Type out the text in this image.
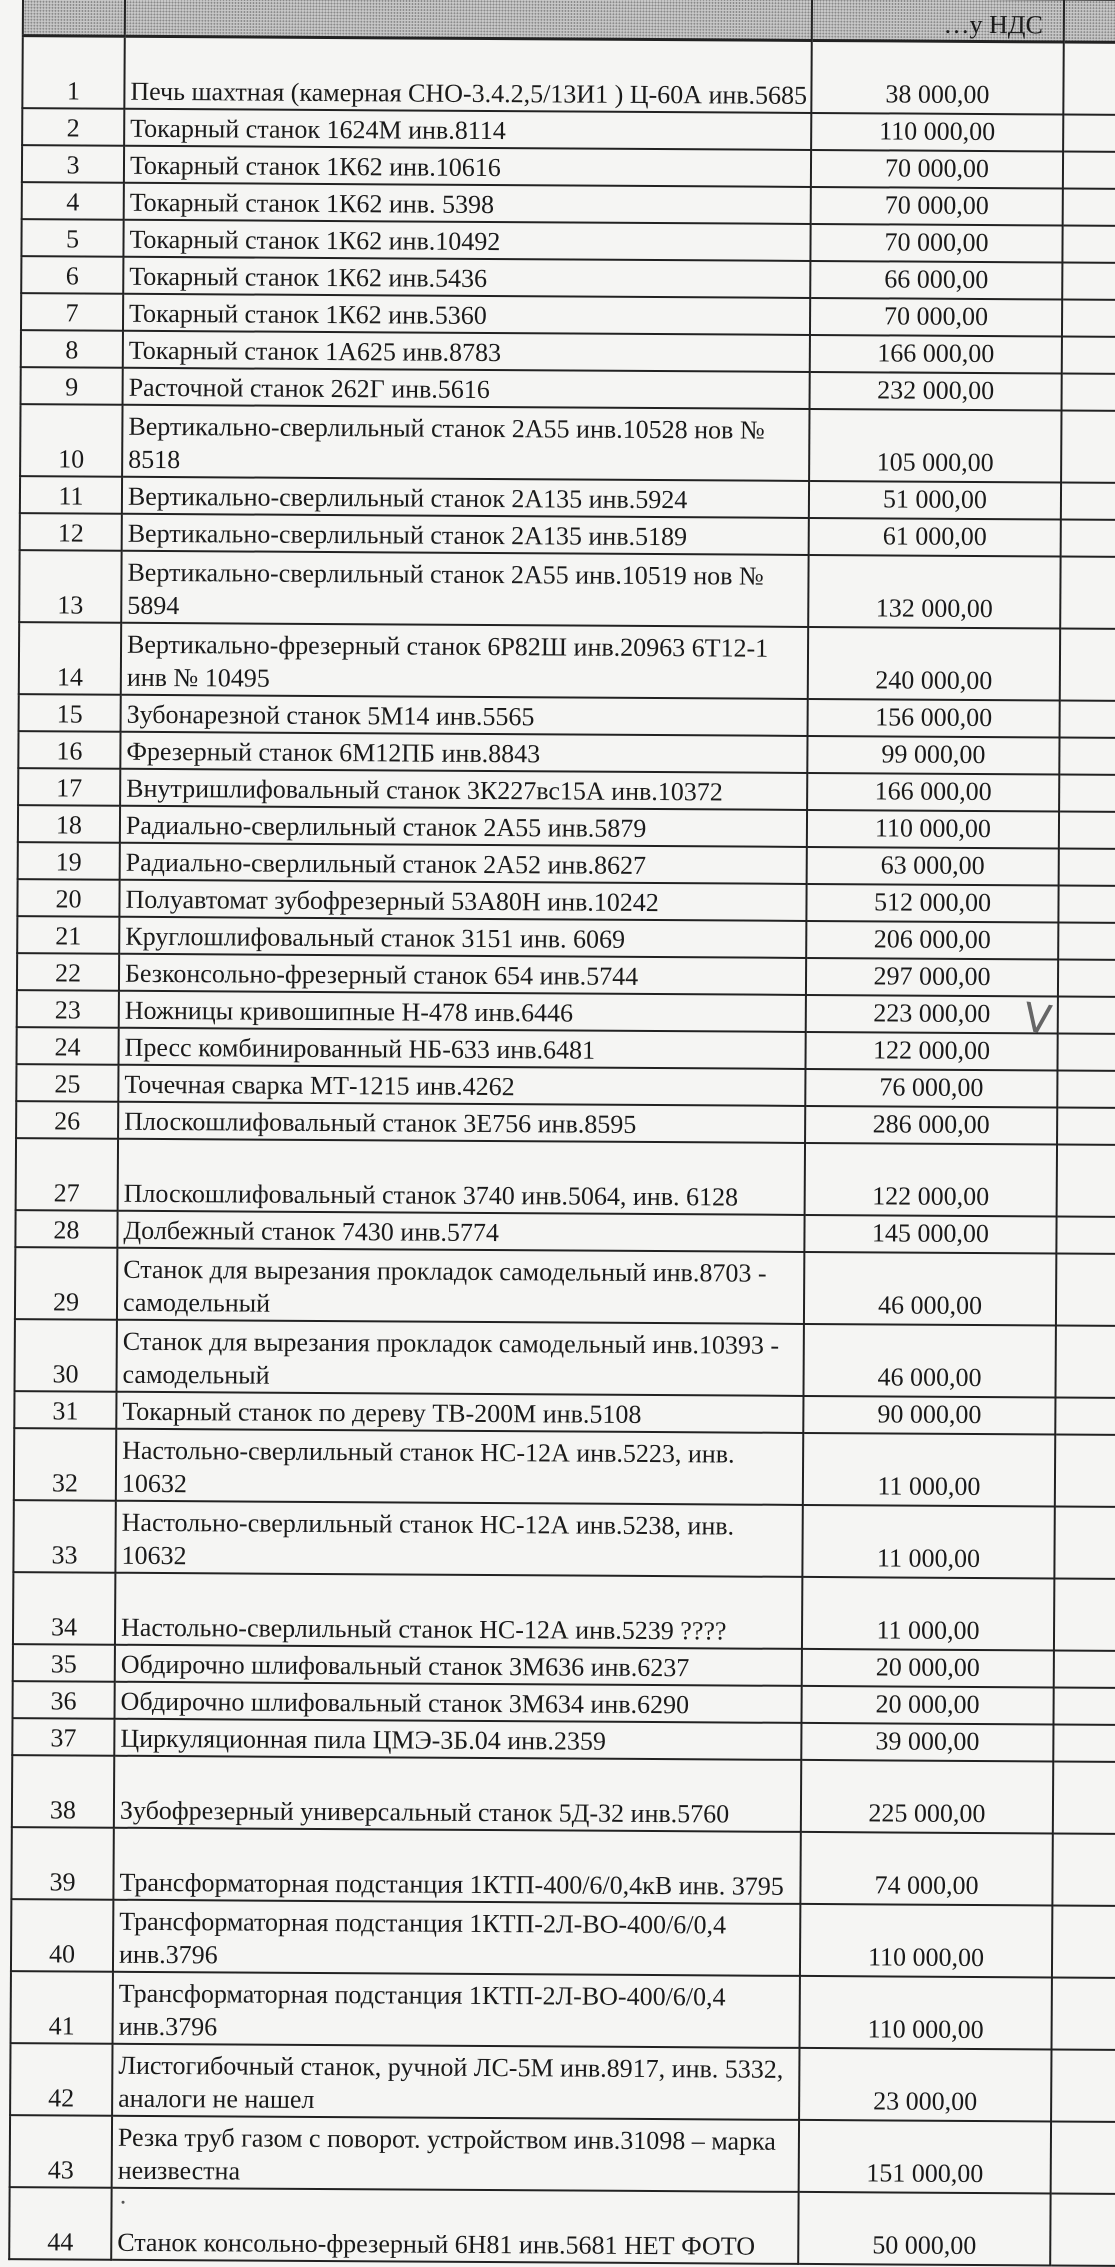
		…у НДС	

1	Печь шахтная (камерная СНО-3.4.2,5/13И1 ) Ц-60А инв.5685	38 000,00	
2	Токарный станок 1624М инв.8114	110 000,00	
3	Токарный станок 1К62 инв.10616	70 000,00	
4	Токарный станок 1К62 инв. 5398	70 000,00	
5	Токарный станок 1К62 инв.10492	70 000,00	
6	Токарный станок 1К62 инв.5436	66 000,00	
7	Токарный станок 1К62 инв.5360	70 000,00	
8	Токарный станок 1А625 инв.8783	166 000,00	
9	Расточной станок 262Г инв.5616	232 000,00	
10	Вертикально-сверлильный станок 2А55 инв.10528 нов № 8518	105 000,00	
11	Вертикально-сверлильный станок 2А135 инв.5924	51 000,00	
12	Вертикально-сверлильный станок 2А135 инв.5189	61 000,00	
13	Вертикально-сверлильный станок 2А55 инв.10519 нов № 5894	132 000,00	
14	Вертикально-фрезерный станок 6Р82Ш инв.20963 6Т12-1 инв № 10495	240 000,00	
15	Зубонарезной станок 5М14 инв.5565	156 000,00	
16	Фрезерный станок 6М12ПБ инв.8843	99 000,00	
17	Внутришлифовальный станок 3К227вс15А инв.10372	166 000,00	
18	Радиально-сверлильный станок 2А55 инв.5879	110 000,00	
19	Радиально-сверлильный станок 2А52 инв.8627	63 000,00	
20	Полуавтомат зубофрезерный 53А80Н инв.10242	512 000,00	
21	Круглошлифовальный станок 3151 инв. 6069	206 000,00	
22	Безконсольно-фрезерный станок 654 инв.5744	297 000,00	
23	Ножницы кривошипные Н-478 инв.6446	223 000,00	
24	Пресс комбинированный НБ-633 инв.6481	122 000,00	
25	Точечная сварка МТ-1215 инв.4262	76 000,00	
26	Плоскошлифовальный станок 3Е756 инв.8595	286 000,00	
27	Плоскошлифовальный станок 3740 инв.5064, инв. 6128	122 000,00	
28	Долбежный станок 7430 инв.5774	145 000,00	
29	Станок для вырезания прокладок самодельный инв.8703 - самодельный	46 000,00	
30	Станок для вырезания прокладок самодельный инв.10393 - самодельный	46 000,00	
31	Токарный станок по дереву ТВ-200М инв.5108	90 000,00	
32	Настольно-сверлильный станок НС-12А инв.5223, инв. 10632	11 000,00	
33	Настольно-сверлильный станок НС-12А инв.5238, инв. 10632	11 000,00	
34	Настольно-сверлильный станок НС-12А инв.5239 ????	11 000,00	
35	Обдирочно шлифовальный станок 3М636 инв.6237	20 000,00	
36	Обдирочно шлифовальный станок 3М634 инв.6290	20 000,00	
37	Циркуляционная пила ЦМЭ-3Б.04 инв.2359	39 000,00	
38	Зубофрезерный универсальный станок 5Д-32 инв.5760	225 000,00	
39	Трансформаторная подстанция 1КТП-400/6/0,4кВ инв. 3795	74 000,00	
40	Трансформаторная подстанция 1КТП-2Л-ВО-400/6/0,4 инв.3796	110 000,00	
41	Трансформаторная подстанция 1КТП-2Л-ВО-400/6/0,4 инв.3796	110 000,00	
42	Листогибочный станок, ручной ЛС-5М инв.8917, инв. 5332, аналоги не нашел	23 000,00	
43	Резка труб газом с поворот. устройством инв.31098 – марка неизвестна	151 000,00	
44	Станок консольно-фрезерный 6Н81 инв.5681 НЕТ ФОТО	50 000,00	
V
